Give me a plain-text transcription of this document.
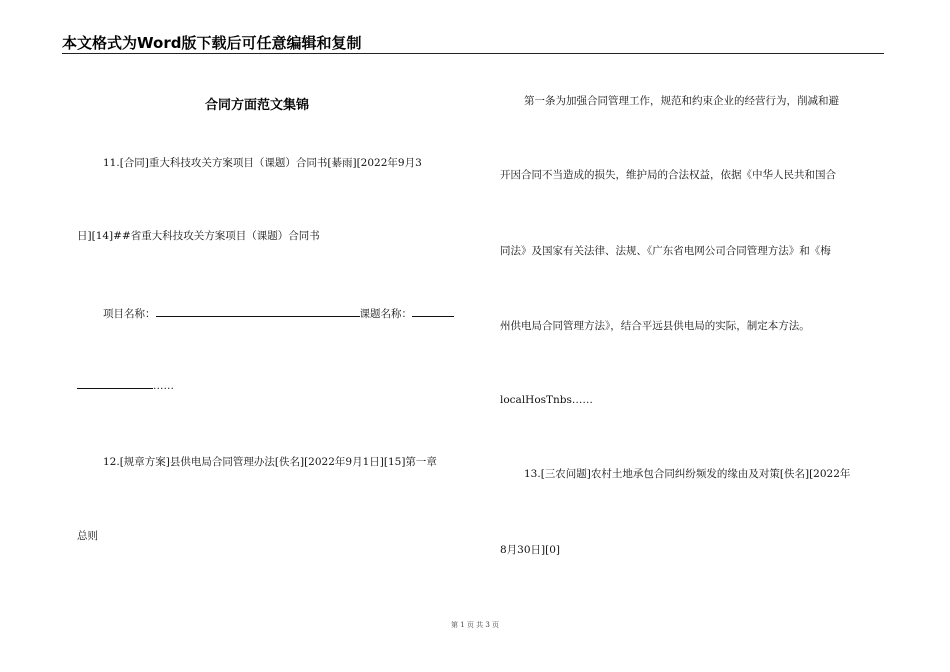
本文格式为Word版下载后可任意编辑和复制
合同方面范文集锦
11.[合同]重大科技攻关方案项目（课题）合同书[綦雨][2022年9月3
日][14]##省重大科技攻关方案项目（课题）合同书
项目名称：	课题名称：
……
12.[规章方案]县供电局合同管理办法[佚名][2022年9月1日][15]第一章
总则
第一条为加强合同管理工作，规范和约束企业的经营行为，削减和避
开因合同不当造成的损失，维护局的合法权益，依据《中华人民共和国合
同法》及国家有关法律、法规、《广东省电网公司合同管理方法》和《梅
州供电局合同管理方法》，结合平远县供电局的实际，制定本方法。
localHosTnbs……
13.[三农问题]农村土地承包合同纠纷频发的缘由及对策[佚名][2022年
8月30日][0]
第 1 页 共 3 页
